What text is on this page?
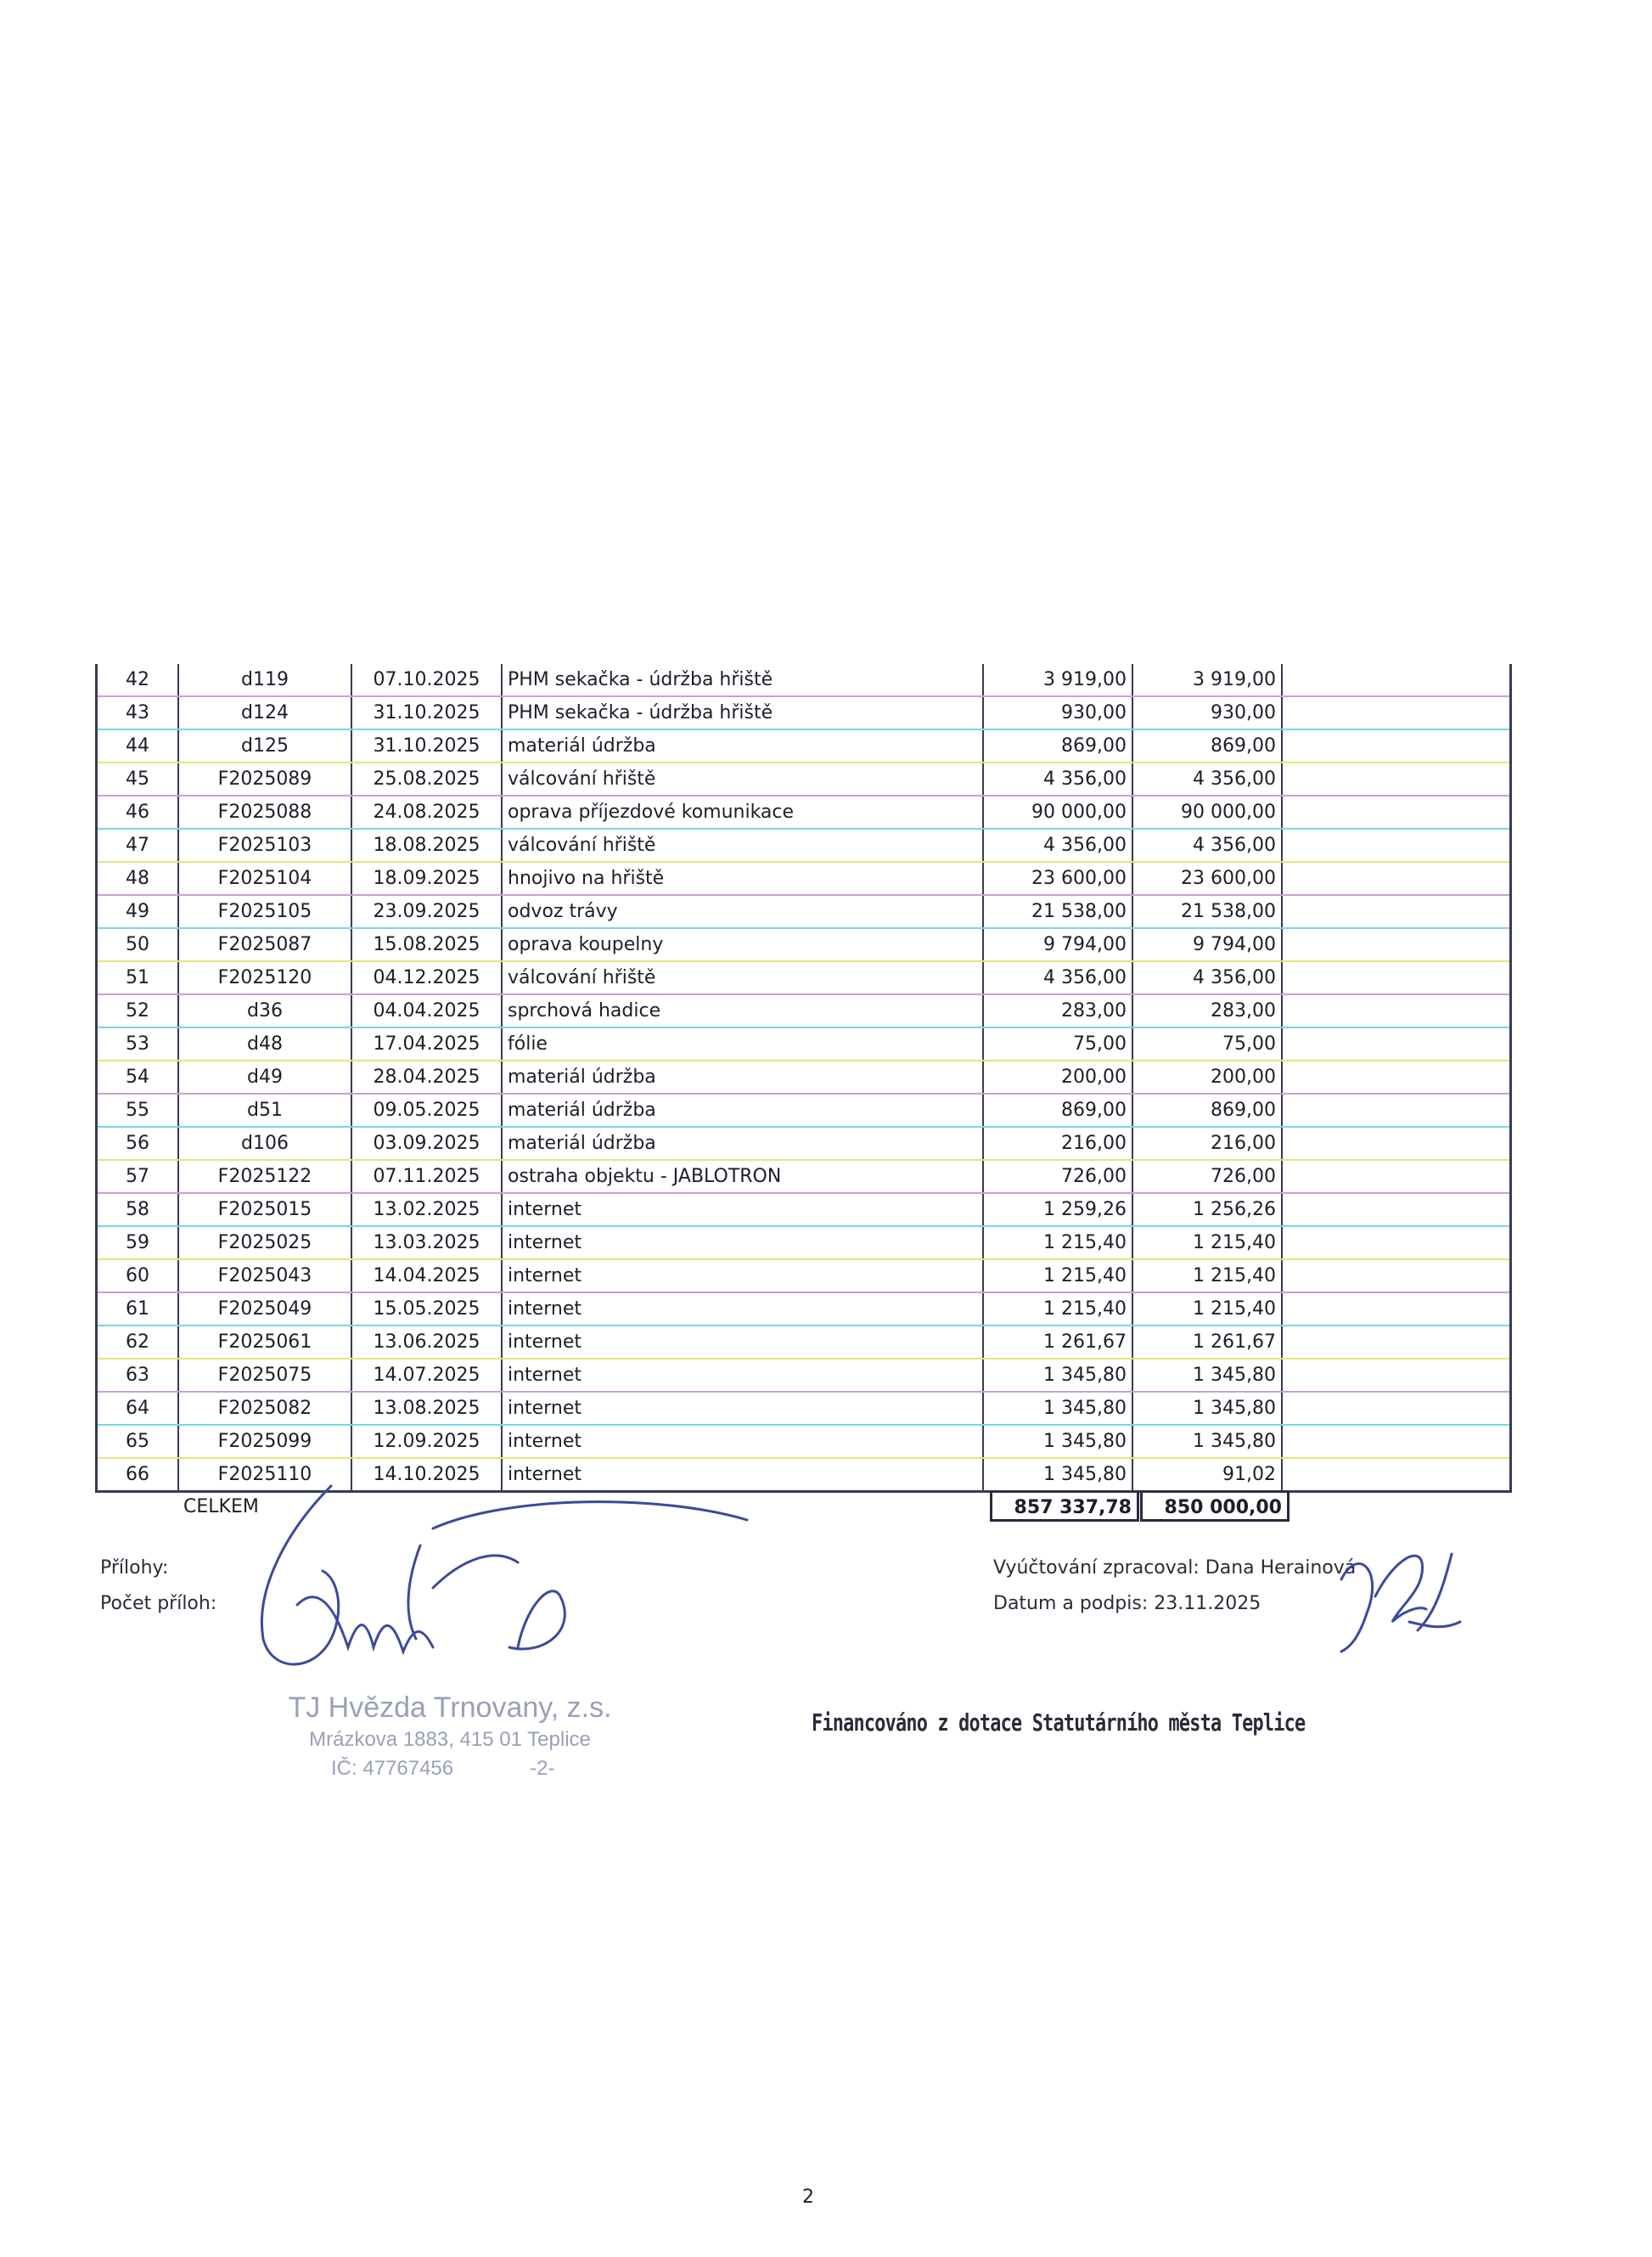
42	d119	07.10.2025	PHM sekačka - údržba hřiště	3 919,00	3 919,00	
43	d124	31.10.2025	PHM sekačka - údržba hřiště	930,00	930,00	
44	d125	31.10.2025	materiál údržba	869,00	869,00	
45	F2025089	25.08.2025	válcování hřiště	4 356,00	4 356,00	
46	F2025088	24.08.2025	oprava příjezdové komunikace	90 000,00	90 000,00	
47	F2025103	18.08.2025	válcování hřiště	4 356,00	4 356,00	
48	F2025104	18.09.2025	hnojivo na hřiště	23 600,00	23 600,00	
49	F2025105	23.09.2025	odvoz trávy	21 538,00	21 538,00	
50	F2025087	15.08.2025	oprava koupelny	9 794,00	9 794,00	
51	F2025120	04.12.2025	válcování hřiště	4 356,00	4 356,00	
52	d36	04.04.2025	sprchová hadice	283,00	283,00	
53	d48	17.04.2025	fólie	75,00	75,00	
54	d49	28.04.2025	materiál údržba	200,00	200,00	
55	d51	09.05.2025	materiál údržba	869,00	869,00	
56	d106	03.09.2025	materiál údržba	216,00	216,00	
57	F2025122	07.11.2025	ostraha objektu - JABLOTRON	726,00	726,00	
58	F2025015	13.02.2025	internet	1 259,26	1 256,26	
59	F2025025	13.03.2025	internet	1 215,40	1 215,40	
60	F2025043	14.04.2025	internet	1 215,40	1 215,40	
61	F2025049	15.05.2025	internet	1 215,40	1 215,40	
62	F2025061	13.06.2025	internet	1 261,67	1 261,67	
63	F2025075	14.07.2025	internet	1 345,80	1 345,80	
64	F2025082	13.08.2025	internet	1 345,80	1 345,80	
65	F2025099	12.09.2025	internet	1 345,80	1 345,80	
66	F2025110	14.10.2025	internet	1 345,80	91,02	
CELKEM	857 337,78	850 000,00
Přílohy:
Počet příloh:
Vyúčtování zpracoval: Dana Herainová
Datum a podpis: 23.11.2025
TJ Hvězda Trnovany, z.s.
Mrázkova 1883, 415 01 Teplice
IČ: 47767456	-2-
Financováno z dotace Statutárního města Teplice
2
